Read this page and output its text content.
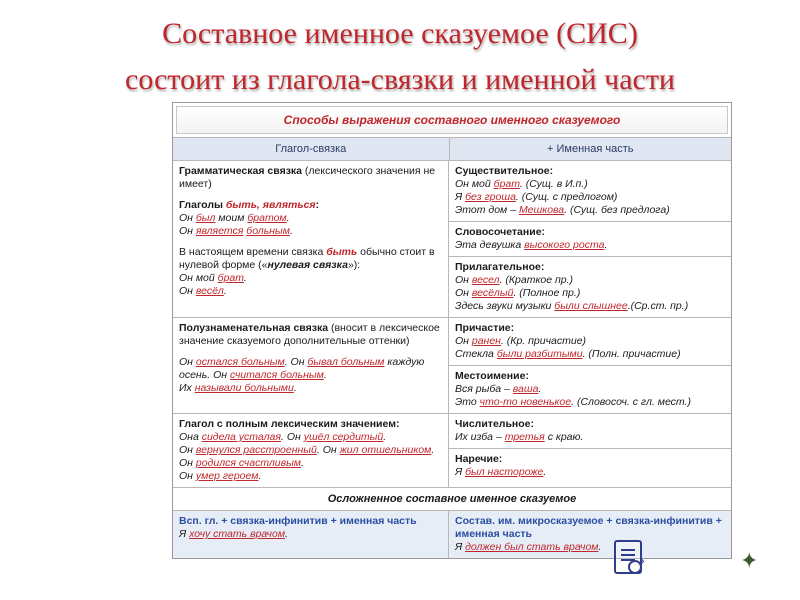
Составное именное сказуемое (СИС)
состоит из глагола-связки и именной части
Способы выражения составного именного сказуемого
Глагол-связка	+ Именная часть
Грамматическая связка (лексического значения не имеет)
Глаголы быть, являться:
Он был моим братом.
Он является больным.
В настоящем времени связка быть обычно стоит в нулевой форме («нулевая связка»):
Он мой брат.
Он весёл.
Существительное:
Он мой брат. (Сущ. в И.п.)
Я без гроша. (Сущ. с предлогом)
Этот дом – Мешкова. (Сущ. без предлога)
Словосочетание:
Эта девушка высокого роста.
Прилагательное:
Он весел. (Краткое пр.)
Он весёлый. (Полное пр.)
Здесь звуки музыки были слышнее.(Ср.ст. пр.)
Полузнаменательная связка (вносит в лексическое значение сказуемого дополнительные оттенки)
Он остался больным. Он бывал больным каждую осень. Он считался больным.
Их называли больными.
Причастие:
Он ранен. (Кр. причастие)
Стекла были разбитыми. (Полн. причастие)
Местоимение:
Вся рыба – ваша.
Это что-то новенькое. (Словосоч. с гл. мест.)
Глагол с полным лексическим значением:
Она сидела усталая. Он ушёл сердитый.
Он вернулся расстроенный. Он жил отшельником. Он родился счастливым.
Он умер героем.
Числительное:
Их изба – третья с краю.
Наречие:
Я был настороже.
Осложненное составное именное сказуемое
Всп. гл. + связка-инфинитив + именная часть
Я хочу стать врачом.
Состав. им. микросказуемое + связка-инфинитив + именная часть
Я должен был стать врачом.
›	✦
